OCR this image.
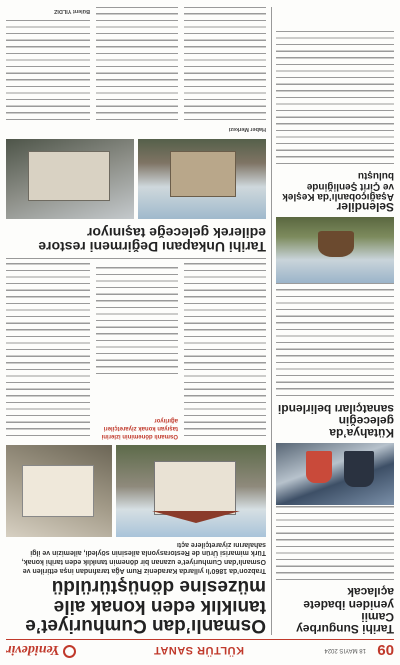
09
18 MAYIS 2024
KÜLTÜR SANAT
Yenidevir
Tarihi Sungurbey Camii
yeniden ibadete açılacak
Kütahya’da geleceğin
sanatçıları belirlendi
Selendiler
Aşağıçobanlı’da Keşlek
ve Çirit Şenliğinde buluştu
Osmanlı’dan Cumhuriyet’e
tanıklık eden konak aile
müzesine dönüştürüldü
Trabzon’da 1860’lı yıllarda Karadeniz Rum Ağa tarafından inşa ettirilen ve Osmanlı’dan Cumhuriyet’e uzanan bir dönemin tanıklık eden tarihi konak, Türk mimarisi Ürün de Restorasyonla ailesinin söyledi, ailemizin ve ilgi sahalarını ziyaretçilere açtı
Osmanlı döneminin izlerini taşıyan konak ziyaretçileri ağırlıyor
Tarihi Unkapanı Değirmeni restore
edilerek geleceğe taşınıyor
Haber Merkezi
Bülent YILDIZ
